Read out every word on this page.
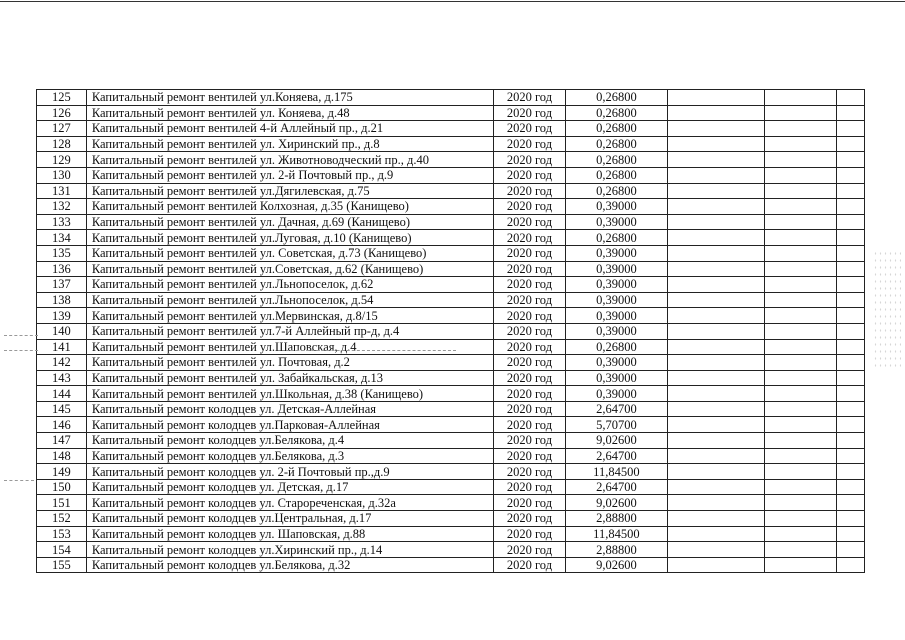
125	Капитальный ремонт вентилей ул.Коняева, д.175	2020 год	0,26800			
126	Капитальный ремонт вентилей ул. Коняева, д.48	2020 год	0,26800			
127	Капитальный ремонт вентилей 4-й Аллейный пр., д.21	2020 год	0,26800			
128	Капитальный ремонт вентилей ул. Хиринский пр., д.8	2020 год	0,26800			
129	Капитальный ремонт вентилей ул. Животноводческий пр., д.40	2020 год	0,26800			
130	Капитальный ремонт вентилей ул. 2-й Почтовый пр., д.9	2020 год	0,26800			
131	Капитальный ремонт вентилей ул.Дягилевская, д.75	2020 год	0,26800			
132	Капитальный ремонт вентилей Колхозная, д.35 (Канищево)	2020 год	0,39000			
133	Капитальный ремонт вентилей ул. Дачная, д.69 (Канищево)	2020 год	0,39000			
134	Капитальный ремонт вентилей ул.Луговая, д.10 (Канищево)	2020 год	0,26800			
135	Капитальный ремонт вентилей ул. Советская, д.73 (Канищево)	2020 год	0,39000			
136	Капитальный ремонт вентилей ул.Советская, д.62 (Канищево)	2020 год	0,39000			
137	Капитальный ремонт вентилей ул.Льнопоселок, д.62	2020 год	0,39000			
138	Капитальный ремонт вентилей ул.Льнопоселок, д.54	2020 год	0,39000			
139	Капитальный ремонт вентилей ул.Мервинская, д.8/15	2020 год	0,39000			
140	Капитальный ремонт вентилей ул.7-й Аллейный пр-д, д.4	2020 год	0,39000			
141	Капитальный ремонт вентилей ул.Шаповская, д.4	2020 год	0,26800			
142	Капитальный ремонт вентилей ул. Почтовая, д.2	2020 год	0,39000			
143	Капитальный ремонт вентилей ул. Забайкальская, д.13	2020 год	0,39000			
144	Капитальный ремонт вентилей ул.Школьная, д.38 (Канищево)	2020 год	0,39000			
145	Капитальный ремонт колодцев ул. Детская-Аллейная	2020 год	2,64700			
146	Капитальный ремонт колодцев ул.Парковая-Аллейная	2020 год	5,70700			
147	Капитальный ремонт колодцев ул.Белякова, д.4	2020 год	9,02600			
148	Капитальный ремонт колодцев ул.Белякова, д.3	2020 год	2,64700			
149	Капитальный ремонт колодцев ул. 2-й Почтовый пр.,д.9	2020 год	11,84500			
150	Капитальный ремонт колодцев ул. Детская, д.17	2020 год	2,64700			
151	Капитальный ремонт колодцев ул. Старореченская, д.32а	2020 год	9,02600			
152	Капитальный ремонт колодцев ул.Центральная, д.17	2020 год	2,88800			
153	Капитальный ремонт колодцев ул. Шаповская, д.88	2020 год	11,84500			
154	Капитальный ремонт колодцев ул.Хиринский пр., д.14	2020 год	2,88800			
155	Капитальный ремонт колодцев ул.Белякова, д.32	2020 год	9,02600			
